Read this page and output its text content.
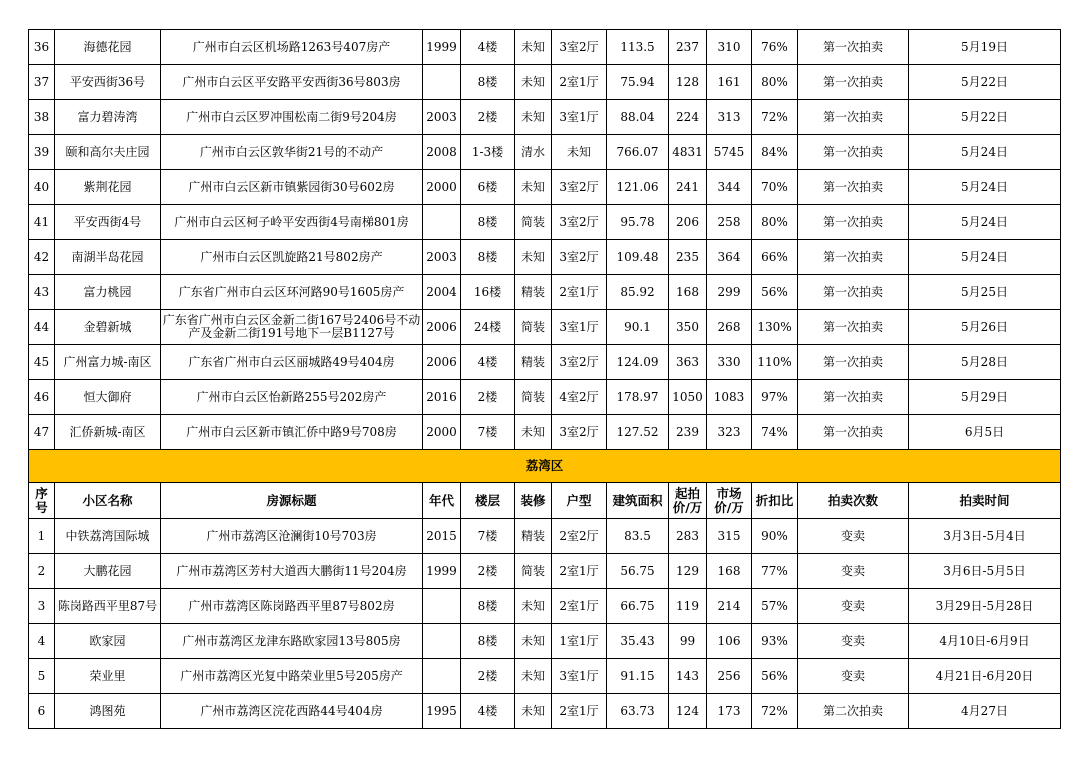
36	海德花园	广州市白云区机场路1263号407房产	1999	4楼	未知	3室2厅	113.5	237	310	76%	第一次拍卖	5月19日
37	平安西街36号	广州市白云区平安路平安西街36号803房		8楼	未知	2室1厅	75.94	128	161	80%	第一次拍卖	5月22日
38	富力碧涛湾	广州市白云区罗冲围松南二街9号204房	2003	2楼	未知	3室1厅	88.04	224	313	72%	第一次拍卖	5月22日
39	颐和高尔夫庄园	广州市白云区敦华街21号的不动产	2008	1-3楼	清水	未知	766.07	4831	5745	84%	第一次拍卖	5月24日
40	紫荆花园	广州市白云区新市镇紫园街30号602房	2000	6楼	未知	3室2厅	121.06	241	344	70%	第一次拍卖	5月24日
41	平安西街4号	广州市白云区柯子岭平安西街4号南梯801房		8楼	简装	3室2厅	95.78	206	258	80%	第一次拍卖	5月24日
42	南湖半岛花园	广州市白云区凯旋路21号802房产	2003	8楼	未知	3室2厅	109.48	235	364	66%	第一次拍卖	5月24日
43	富力桃园	广东省广州市白云区环河路90号1605房产	2004	16楼	精装	2室1厅	85.92	168	299	56%	第一次拍卖	5月25日
44	金碧新城	广东省广州市白云区金新二街167号2406号不动产及金新二街191号地下一层B1127号	2006	24楼	简装	3室1厅	90.1	350	268	130%	第一次拍卖	5月26日
45	广州富力城-南区	广东省广州市白云区丽城路49号404房	2006	4楼	精装	3室2厅	124.09	363	330	110%	第一次拍卖	5月28日
46	恒大御府	广州市白云区怡新路255号202房产	2016	2楼	简装	4室2厅	178.97	1050	1083	97%	第一次拍卖	5月29日
47	汇侨新城-南区	广州市白云区新市镇汇侨中路9号708房	2000	7楼	未知	3室2厅	127.52	239	323	74%	第一次拍卖	6月5日
荔湾区												
序号	小区名称	房源标题	年代	楼层	装修	户型	建筑面积	起拍价/万	市场价/万	折扣比	拍卖次数	拍卖时间
1	中铁荔湾国际城	广州市荔湾区沧澜街10号703房	2015	7楼	精装	2室2厅	83.5	283	315	90%	变卖	3月3日-5月4日
2	大鹏花园	广州市荔湾区芳村大道西大鹏街11号204房	1999	2楼	简装	2室1厅	56.75	129	168	77%	变卖	3月6日-5月5日
3	陈岗路西平里87号	广州市荔湾区陈岗路西平里87号802房		8楼	未知	2室1厅	66.75	119	214	57%	变卖	3月29日-5月28日
4	欧家园	广州市荔湾区龙津东路欧家园13号805房		8楼	未知	1室1厅	35.43	99	106	93%	变卖	4月10日-6月9日
5	荣业里	广州市荔湾区光复中路荣业里5号205房产		2楼	未知	3室1厅	91.15	143	256	56%	变卖	4月21日-6月20日
6	鸿图苑	广州市荔湾区浣花西路44号404房	1995	4楼	未知	2室1厅	63.73	124	173	72%	第二次拍卖	4月27日
